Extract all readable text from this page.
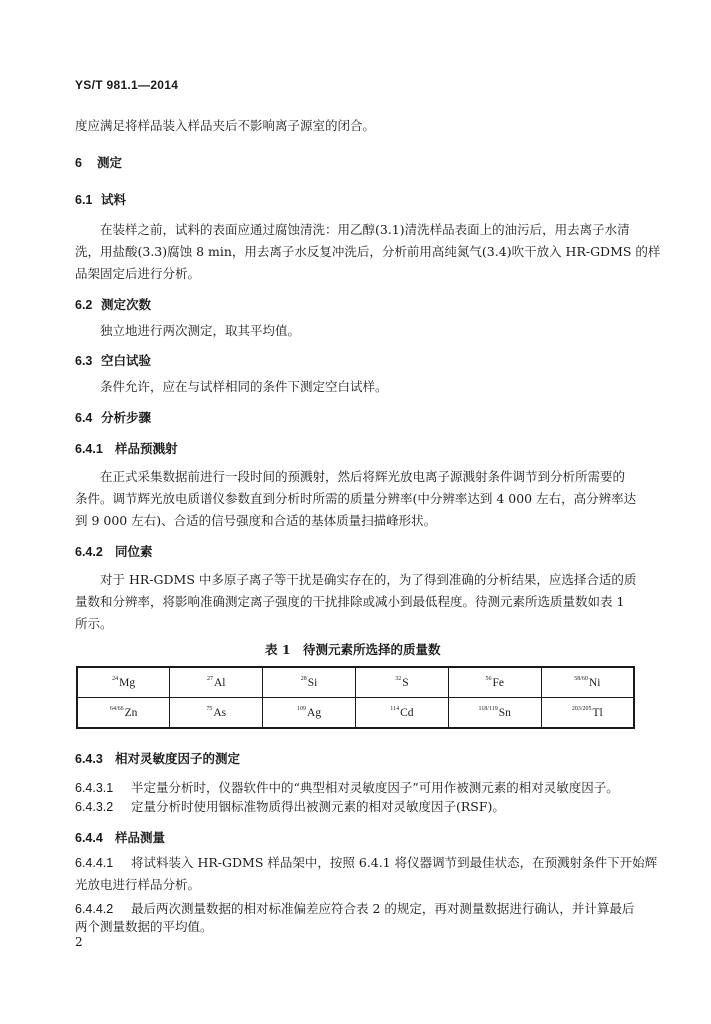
YS/T 981.1—2014
度应满足将样品装入样品夹后不影响离子源室的闭合。
6 测定
6.1 试料
在装样之前，试料的表面应通过腐蚀清洗：用乙醇(3.1)清洗样品表面上的油污后，用去离子水清
洗，用盐酸(3.3)腐蚀 8 min，用去离子水反复冲洗后，分析前用高纯氮气(3.4)吹干放入 HR-GDMS 的样
品架固定后进行分析。
6.2 测定次数
独立地进行两次测定，取其平均值。
6.3 空白试验
条件允许，应在与试样相同的条件下测定空白试样。
6.4 分析步骤
6.4.1 样品预溅射
在正式采集数据前进行一段时间的预溅射，然后将辉光放电离子源溅射条件调节到分析所需要的
条件。调节辉光放电质谱仪参数直到分析时所需的质量分辨率(中分辨率达到 4 000 左右，高分辨率达
到 9 000 左右)、合适的信号强度和合适的基体质量扫描峰形状。
6.4.2 同位素
对于 HR-GDMS 中多原子离子等干扰是确实存在的，为了得到准确的分析结果，应选择合适的质
量数和分辨率，将影响准确测定离子强度的干扰排除或减小到最低程度。待测元素所选质量数如表 1
所示。
表 1　待测元素所选择的质量数
$^{24}$Mg	$^{27}$Al	$^{28}$Si	$^{32}$S	$^{56}$Fe	$^{58/60}$Ni
$^{64/66}$Zn	$^{75}$As	$^{109}$Ag	$^{114}$Cd	$^{118/119}$Sn	$^{203/205}$Tl
6.4.3 相对灵敏度因子的测定
6.4.3.1 半定量分析时，仪器软件中的“典型相对灵敏度因子”可用作被测元素的相对灵敏度因子。
6.4.3.2 定量分析时使用铟标准物质得出被测元素的相对灵敏度因子(RSF)。
6.4.4 样品测量
6.4.4.1 将试料装入 HR-GDMS 样品架中，按照 6.4.1 将仪器调节到最佳状态，在预溅射条件下开始辉
光放电进行样品分析。
6.4.4.2 最后两次测量数据的相对标准偏差应符合表 2 的规定，再对测量数据进行确认，并计算最后
两个测量数据的平均值。
2
